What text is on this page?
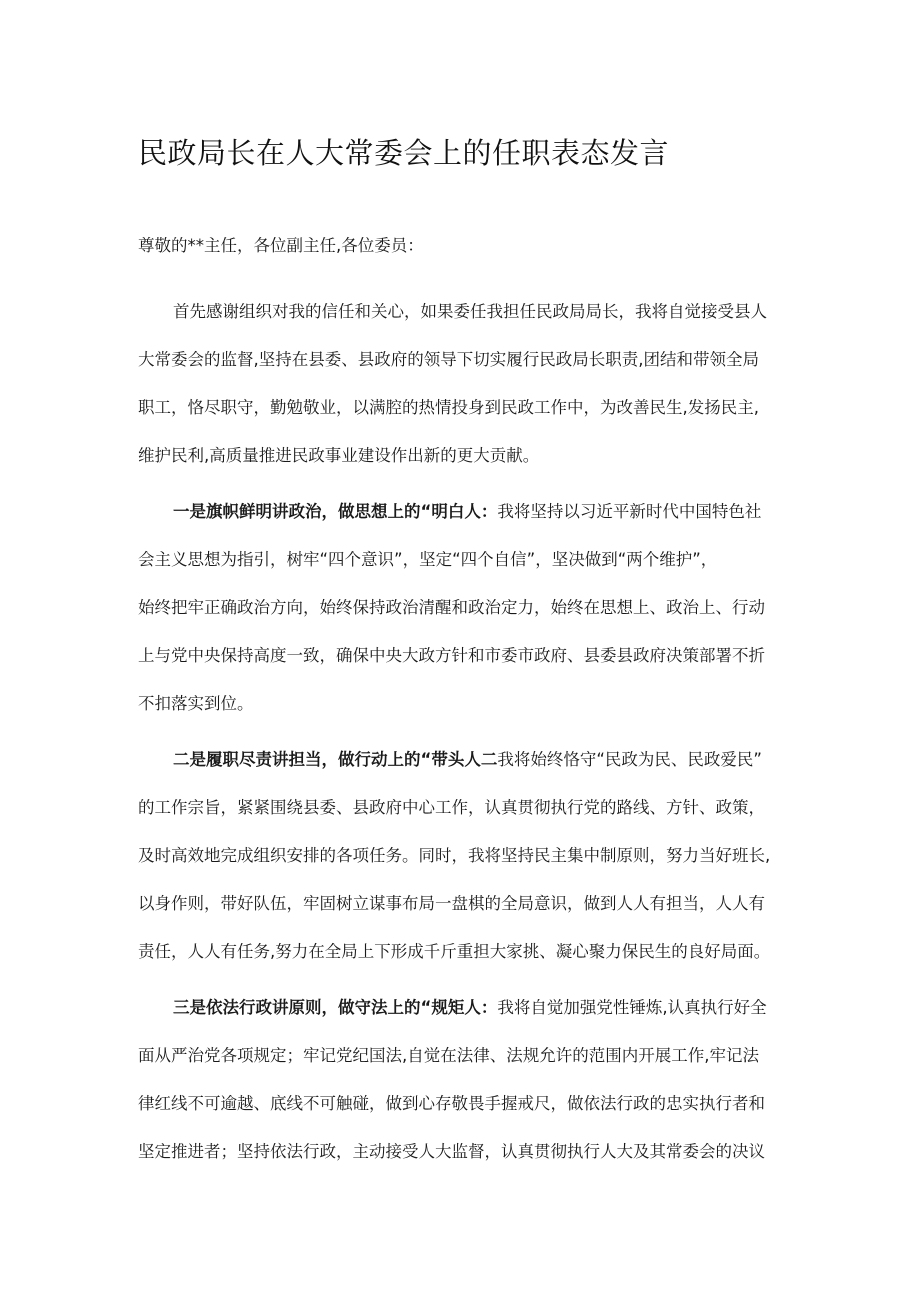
民政局长在人大常委会上的任职表态发言
尊敬的**主任，各位副主任,各位委员：
首先感谢组织对我的信任和关心，如果委任我担任民政局局长，我将自觉接受县人
大常委会的监督,坚持在县委、县政府的领导下切实履行民政局长职责,团结和带领全局
职工，恪尽职守，勤勉敬业，以满腔的热情投身到民政工作中，为改善民生,发扬民主,
维护民利,高质量推进民政事业建设作出新的更大贡献。
一是旗帜鲜明讲政治，做思想上的“明白人：我将坚持以习近平新时代中国特色社
会主义思想为指引，树牢“四个意识”，坚定“四个自信”，坚决做到“两个维护”，
始终把牢正确政治方向，始终保持政治清醒和政治定力，始终在思想上、政治上、行动
上与党中央保持高度一致，确保中央大政方针和市委市政府、县委县政府决策部署不折
不扣落实到位。
二是履职尽责讲担当，做行动上的“带头人二我将始终恪守“民政为民、民政爱民”
的工作宗旨，紧紧围绕县委、县政府中心工作，认真贯彻执行党的路线、方针、政策，
及时高效地完成组织安排的各项任务。同时，我将坚持民主集中制原则，努力当好班长,
以身作则，带好队伍，牢固树立谋事布局一盘棋的全局意识，做到人人有担当，人人有
责任，人人有任务,努力在全局上下形成千斤重担大家挑、凝心聚力保民生的良好局面。
三是依法行政讲原则，做守法上的“规矩人：我将自觉加强党性锤炼,认真执行好全
面从严治党各项规定；牢记党纪国法,自觉在法律、法规允许的范围内开展工作,牢记法
律红线不可逾越、底线不可触碰，做到心存敬畏手握戒尺，做依法行政的忠实执行者和
坚定推进者；坚持依法行政，主动接受人大监督，认真贯彻执行人大及其常委会的决议
